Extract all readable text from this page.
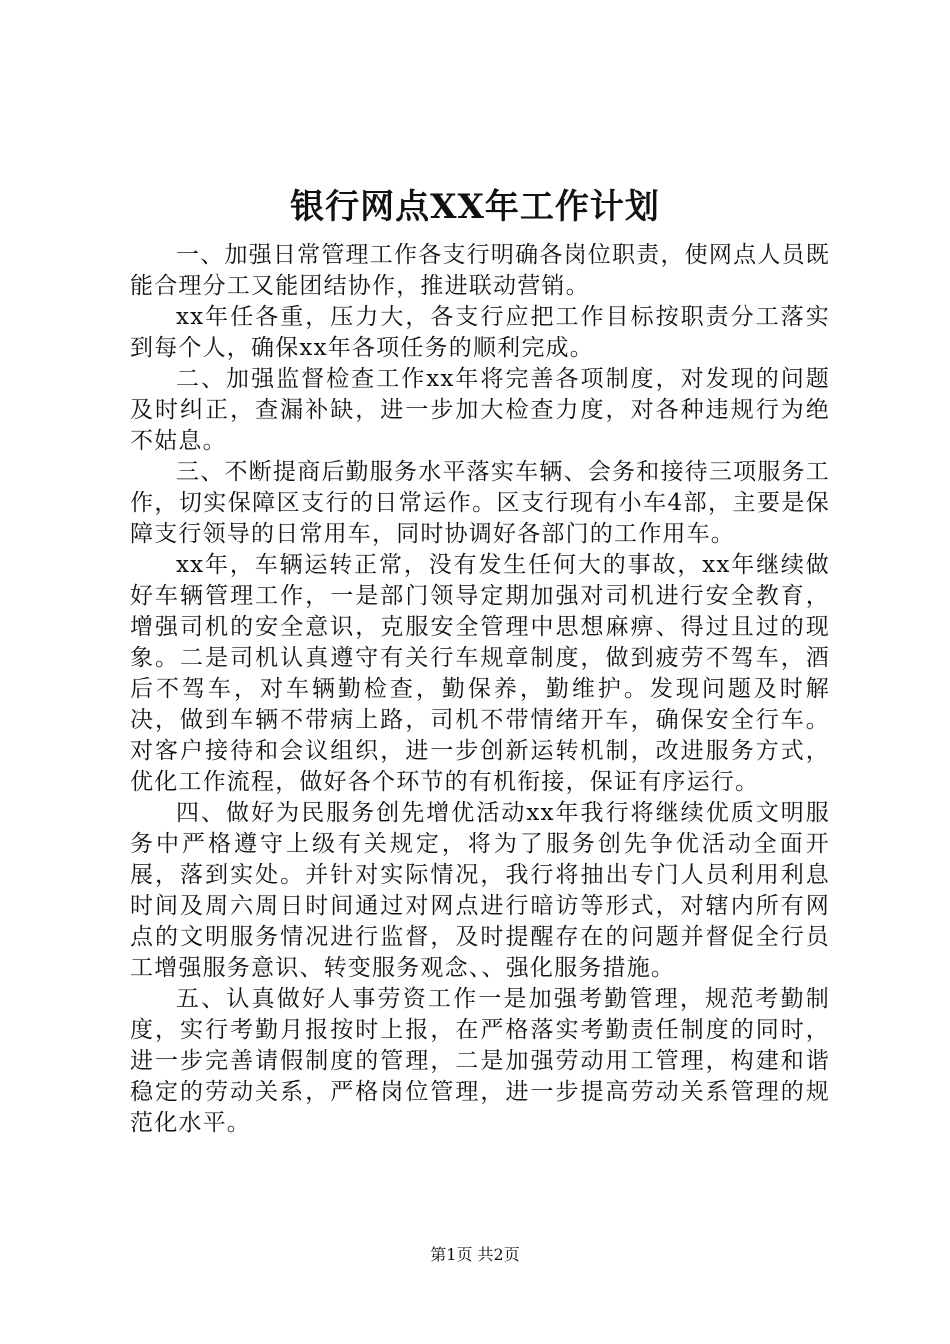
银行网点XX年工作计划

一、加强日常管理工作各支行明确各岗位职责，使网点人员既能合理分工又能团结协作，推进联动营销。

xx年任各重，压力大，各支行应把工作目标按职责分工落实到每个人，确保xx年各项任务的顺利完成。

二、加强监督检查工作xx年将完善各项制度，对发现的问题及时纠正，查漏补缺，进一步加大检查力度，对各种违规行为绝不姑息。

三、不断提商后勤服务水平落实车辆、会务和接待三项服务工作，切实保障区支行的日常运作。区支行现有小车4部，主要是保障支行领导的日常用车，同时协调好各部门的工作用车。

xx年，车辆运转正常，没有发生任何大的事故，xx年继续做好车辆管理工作，一是部门领导定期加强对司机进行安全教育，增强司机的安全意识，克服安全管理中思想麻痹、得过且过的现象。二是司机认真遵守有关行车规章制度，做到疲劳不驾车，酒后不驾车，对车辆勤检查，勤保养，勤维护。发现问题及时解决，做到车辆不带病上路，司机不带情绪开车，确保安全行车。对客户接待和会议组织，进一步创新运转机制，改进服务方式，优化工作流程，做好各个环节的有机衔接，保证有序运行。

四、做好为民服务创先增优活动xx年我行将继续优质文明服务中严格遵守上级有关规定，将为了服务创先争优活动全面开展，落到实处。并针对实际情况，我行将抽出专门人员利用利息时间及周六周日时间通过对网点进行暗访等形式，对辖内所有网点的文明服务情况进行监督，及时提醒存在的问题并督促全行员工增强服务意识、转变服务观念、、强化服务措施。

五、认真做好人事劳资工作一是加强考勤管理，规范考勤制度，实行考勤月报按时上报，在严格落实考勤责任制度的同时，进一步完善请假制度的管理，二是加强劳动用工管理，构建和谐稳定的劳动关系，严格岗位管理，进一步提高劳动关系管理的规范化水平。

第1页 共2页
